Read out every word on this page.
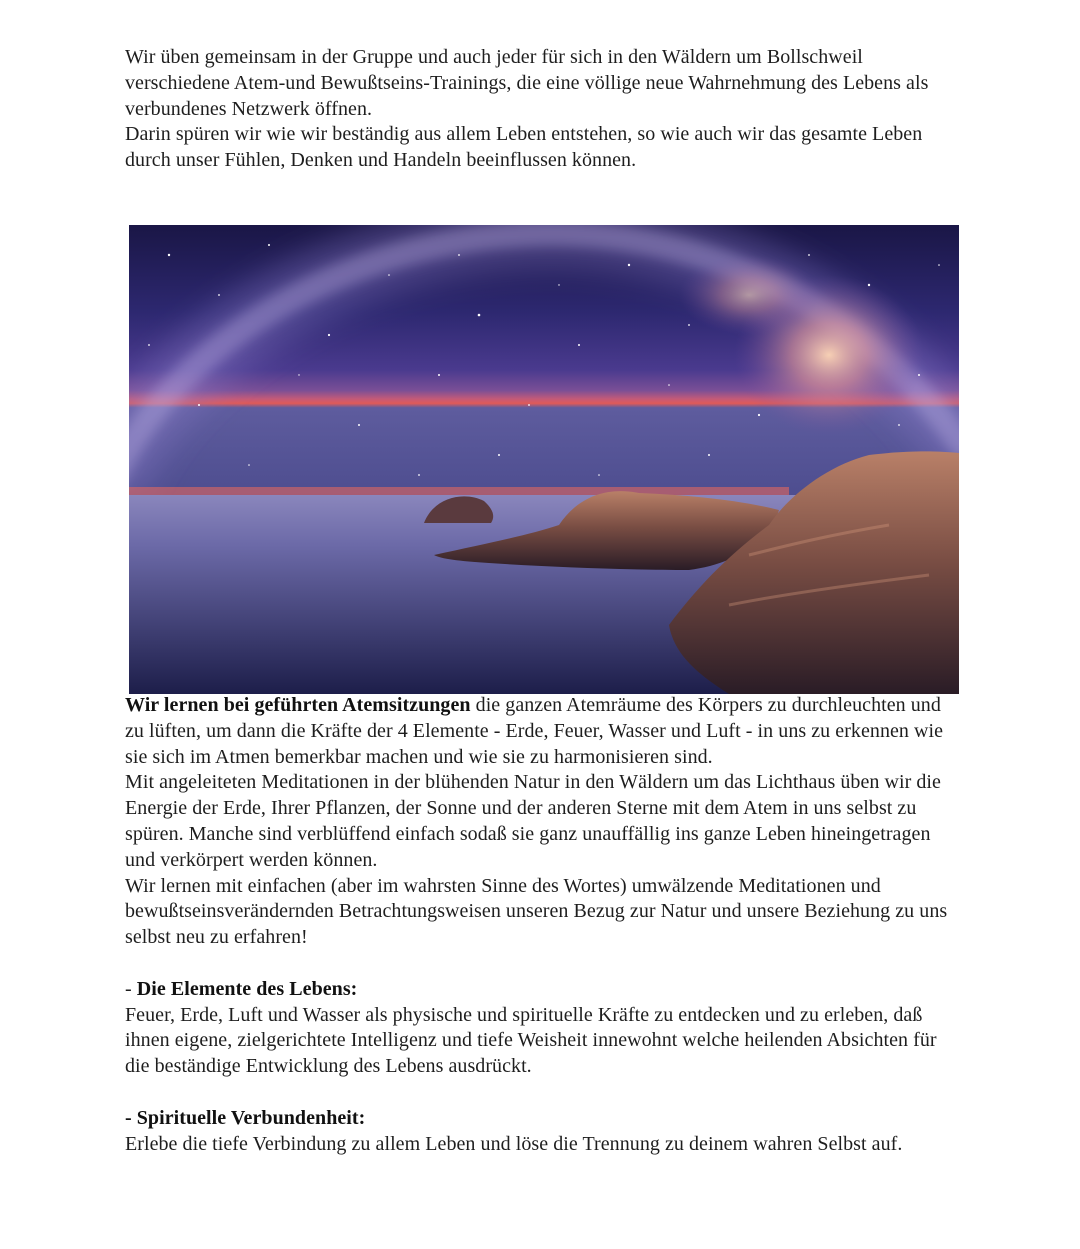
Wir üben gemeinsam in der Gruppe und auch jeder für sich in den Wäldern um Bollschweil verschiedene Atem-und Bewußtseins-Trainings, die eine völlige neue Wahrnehmung des Lebens als verbundenes Netzwerk öffnen.

Darin spüren wir wie wir beständig aus allem Leben entstehen, so wie auch wir das gesamte Leben durch unser Fühlen, Denken und Handeln beeinflussen können.

Wir lernen bei geführten Atemsitzungen die ganzen Atemräume des Körpers zu durchleuchten und zu lüften, um dann die Kräfte der 4 Elemente - Erde, Feuer, Wasser und Luft - in uns zu erkennen wie sie sich im Atmen bemerkbar machen und wie sie zu harmonisieren sind.

Mit angeleiteten Meditationen in der blühenden Natur in den Wäldern um das Lichthaus üben wir die Energie der Erde, Ihrer Pflanzen, der Sonne und der anderen Sterne mit dem Atem in uns selbst zu spüren. Manche sind verblüffend einfach sodaß sie ganz unauffällig ins ganze Leben hineingetragen und verkörpert werden können.

Wir lernen mit einfachen (aber im wahrsten Sinne des Wortes) umwälzende Meditationen und bewußtseinsverändernden Betrachtungsweisen unseren Bezug zur Natur und unsere Beziehung zu uns selbst neu zu erfahren!

- Die Elemente des Lebens:

Feuer, Erde, Luft und Wasser als physische und spirituelle Kräfte zu entdecken und zu erleben, daß ihnen eigene, zielgerichtete Intelligenz und tiefe Weisheit innewohnt welche heilenden Absichten für die beständige Entwicklung des Lebens ausdrückt.

- Spirituelle Verbundenheit:

Erlebe die tiefe Verbindung zu allem Leben und löse die Trennung zu deinem wahren Selbst auf.
